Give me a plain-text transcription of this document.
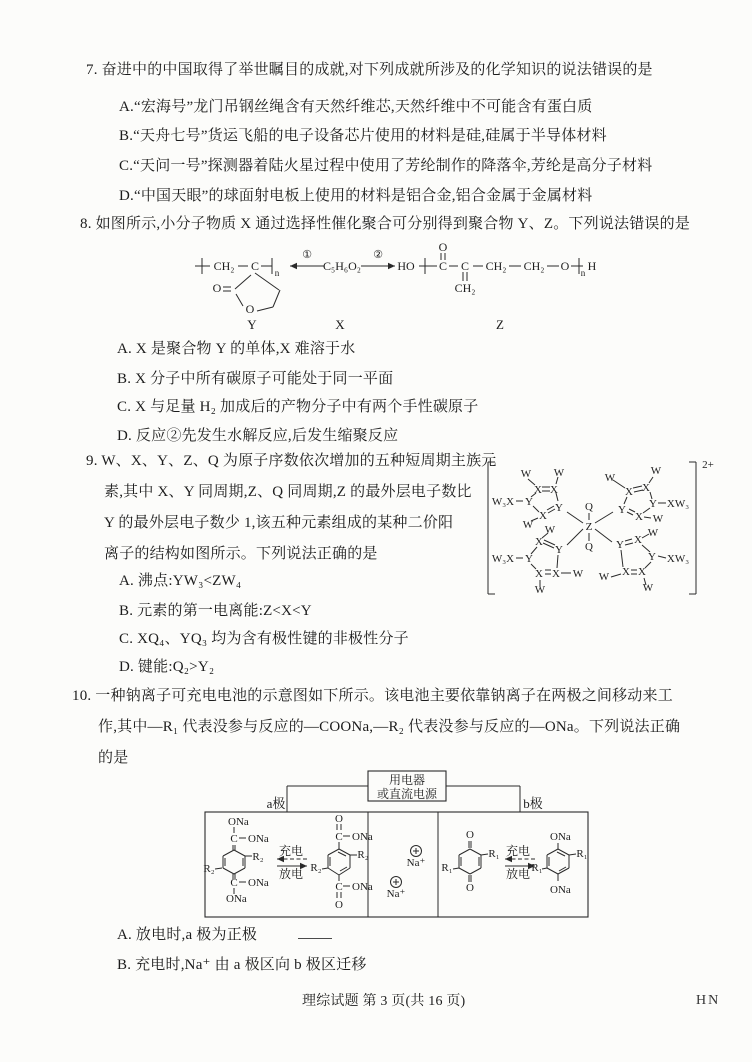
7. 奋进中的中国取得了举世瞩目的成就,对下列成就所涉及的化学知识的说法错误的是
A.“宏海号”龙门吊钢丝绳含有天然纤维芯,天然纤维中不可能含有蛋白质
B.“天舟七号”货运飞船的电子设备芯片使用的材料是硅,硅属于半导体材料
C.“天问一号”探测器着陆火星过程中使用了芳纶制作的降落伞,芳纶是高分子材料
D.“中国天眼”的球面射电板上使用的材料是铝合金,铝合金属于金属材料
8. 如图所示,小分子物质 X 通过选择性催化聚合可分别得到聚合物 Y、Z。下列说法错误的是
CH₂ C n
①
C₅H₆O₂
②
HO C
O
C
CH₂
CH₂ CH₂ O n H
O
O
Y	X	Z
A. X 是聚合物 Y 的单体,X 难溶于水
B. X 分子中所有碳原子可能处于同一平面
C. X 与足量 H₂ 加成后的产物分子中有两个手性碳原子
D. 反应②先发生水解反应,后发生缩聚反应
9. W、X、Y、Z、Q 为原子序数依次增加的五种短周期主族元
素,其中 X、Y 同周期,Z、Q 同周期,Z 的最外层电子数比
Y 的最外层电子数少 1,该五种元素组成的某种二价阳
离子的结构如图所示。下列说法正确的是
2+
Q
Z
Q
Y
X X
Y
X
W W
W₃X
W
Y
X X
Y
X
W
W
XW₃
W
X
Y
Y
X X
W
W₃X
W
W
Y X
Y
X
X
W
XW₃
W
W
A. 沸点:YW₃<ZW₄
B. 元素的第一电离能:Z<X<Y
C. XQ₄、YQ₃ 均为含有极性键的非极性分子
D. 键能:Q₂>Y₂
10. 一种钠离子可充电电池的示意图如下所示。该电池主要依靠钠离子在两极之间移动来工
作,其中—R₁ 代表没参与反应的—COONa,—R₂ 代表没参与反应的—ONa。下列说法正确
的是
用电器
或直流电源
a极	b极
C
ONa
ONa
C ONa
ONa
R₂
R₂ 充电
放电
C
O
ONa
C
O
ONa
R₂
R₂	Na⁺
Na⁺
O
O
R₁
R₁
充电
放电
ONa
ONa
R₁
R₁
A. 放电时,a 极为正极
B. 充电时,Na⁺ 由 a 极区向 b 极区迁移
理综试题 第 3 页(共 16 页)	HN
